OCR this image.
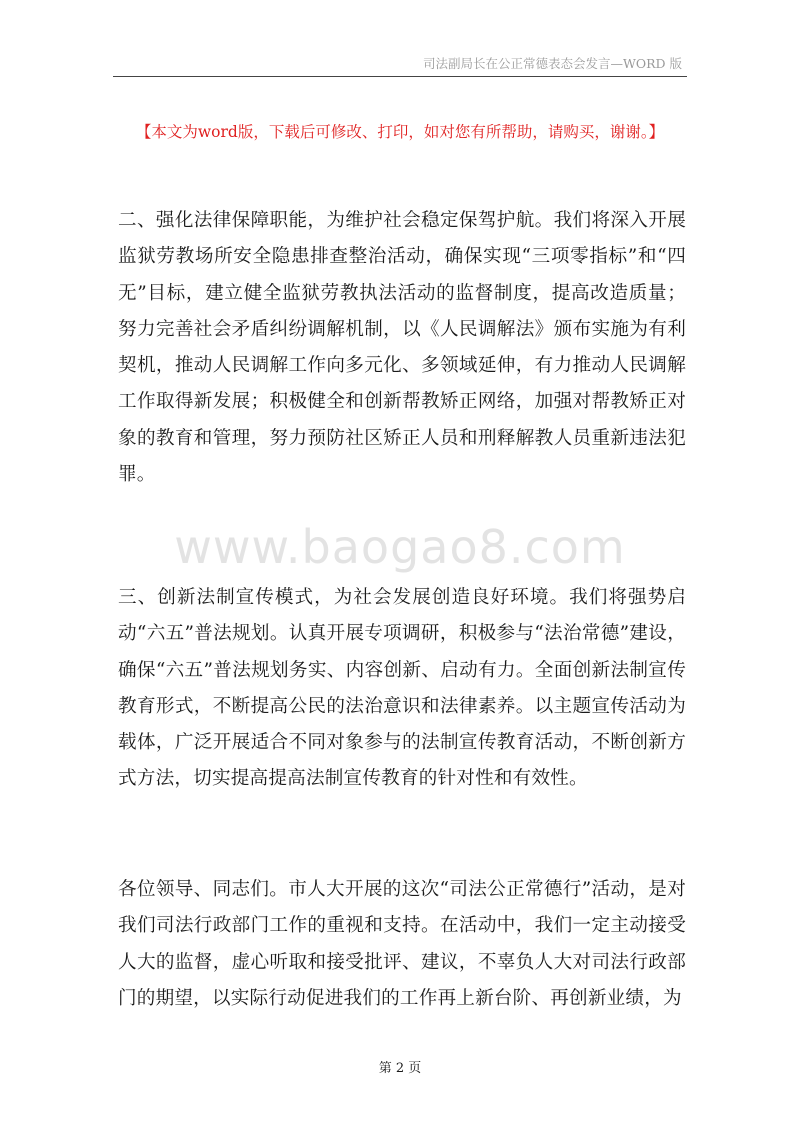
司法副局长在公正常德表态会发言—WORD 版
【本文为word版，下载后可修改、打印，如对您有所帮助，请购买，谢谢。】
www.baogao8.com
二、强化法律保障职能，为维护社会稳定保驾护航。我们将深入开展监狱劳教场所安全隐患排查整治活动，确保实现“三项零指标”和“四无”目标，建立健全监狱劳教执法活动的监督制度，提高改造质量；努力完善社会矛盾纠纷调解机制，以《人民调解法》颁布实施为有利契机，推动人民调解工作向多元化、多领域延伸，有力推动人民调解工作取得新发展；积极健全和创新帮教矫正网络，加强对帮教矫正对象的教育和管理，努力预防社区矫正人员和刑释解教人员重新违法犯罪。
三、创新法制宣传模式，为社会发展创造良好环境。我们将强势启动“六五”普法规划。认真开展专项调研，积极参与“法治常德”建设，确保“六五”普法规划务实、内容创新、启动有力。全面创新法制宣传教育形式，不断提高公民的法治意识和法律素养。以主题宣传活动为载体，广泛开展适合不同对象参与的法制宣传教育活动，不断创新方式方法，切实提高提高法制宣传教育的针对性和有效性。
各位领导、同志们。市人大开展的这次“司法公正常德行”活动，是对我们司法行政部门工作的重视和支持。在活动中，我们一定主动接受人大的监督，虚心听取和接受批评、建议，不辜负人大对司法行政部门的期望，以实际行动促进我们的工作再上新台阶、再创新业绩，为
第 2 页
